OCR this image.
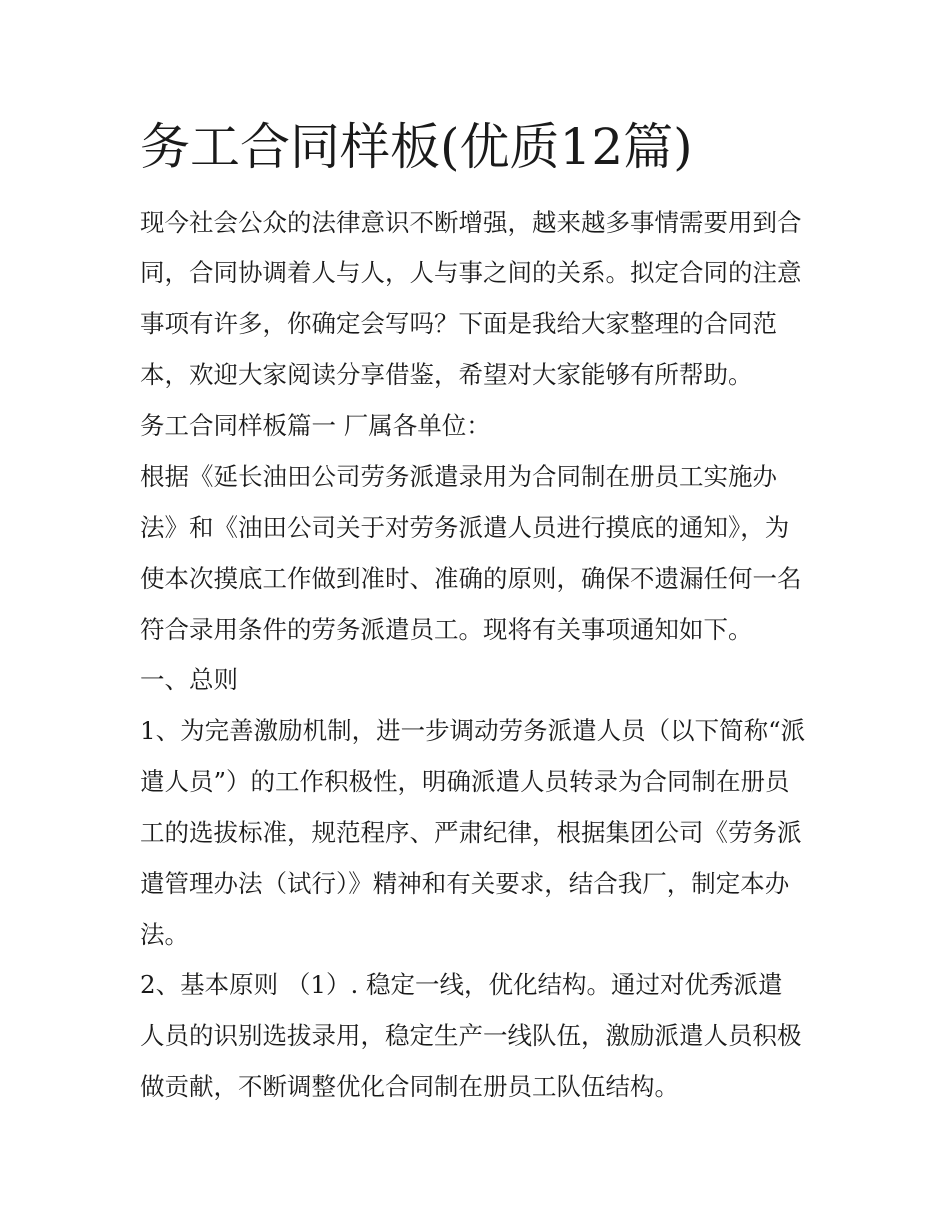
务工合同样板(优质12篇)

现今社会公众的法律意识不断增强，越来越多事情需要用到合

同，合同协调着人与人，人与事之间的关系。拟定合同的注意

事项有许多，你确定会写吗？下面是我给大家整理的合同范

本，欢迎大家阅读分享借鉴，希望对大家能够有所帮助。

务工合同样板篇一 厂属各单位：

根据《延长油田公司劳务派遣录用为合同制在册员工实施办

法》和《油田公司关于对劳务派遣人员进行摸底的通知》，为

使本次摸底工作做到准时、准确的原则，确保不遗漏任何一名

符合录用条件的劳务派遣员工。现将有关事项通知如下。

一、总则

1、为完善激励机制，进一步调动劳务派遣人员（以下简称“派

遣人员”）的工作积极性，明确派遣人员转录为合同制在册员

工的选拔标准，规范程序、严肃纪律，根据集团公司《劳务派

遣管理办法（试行）》精神和有关要求，结合我厂，制定本办

法。

2、基本原则 （1）. 稳定一线，优化结构。通过对优秀派遣

人员的识别选拔录用，稳定生产一线队伍，激励派遣人员积极

做贡献，不断调整优化合同制在册员工队伍结构。
